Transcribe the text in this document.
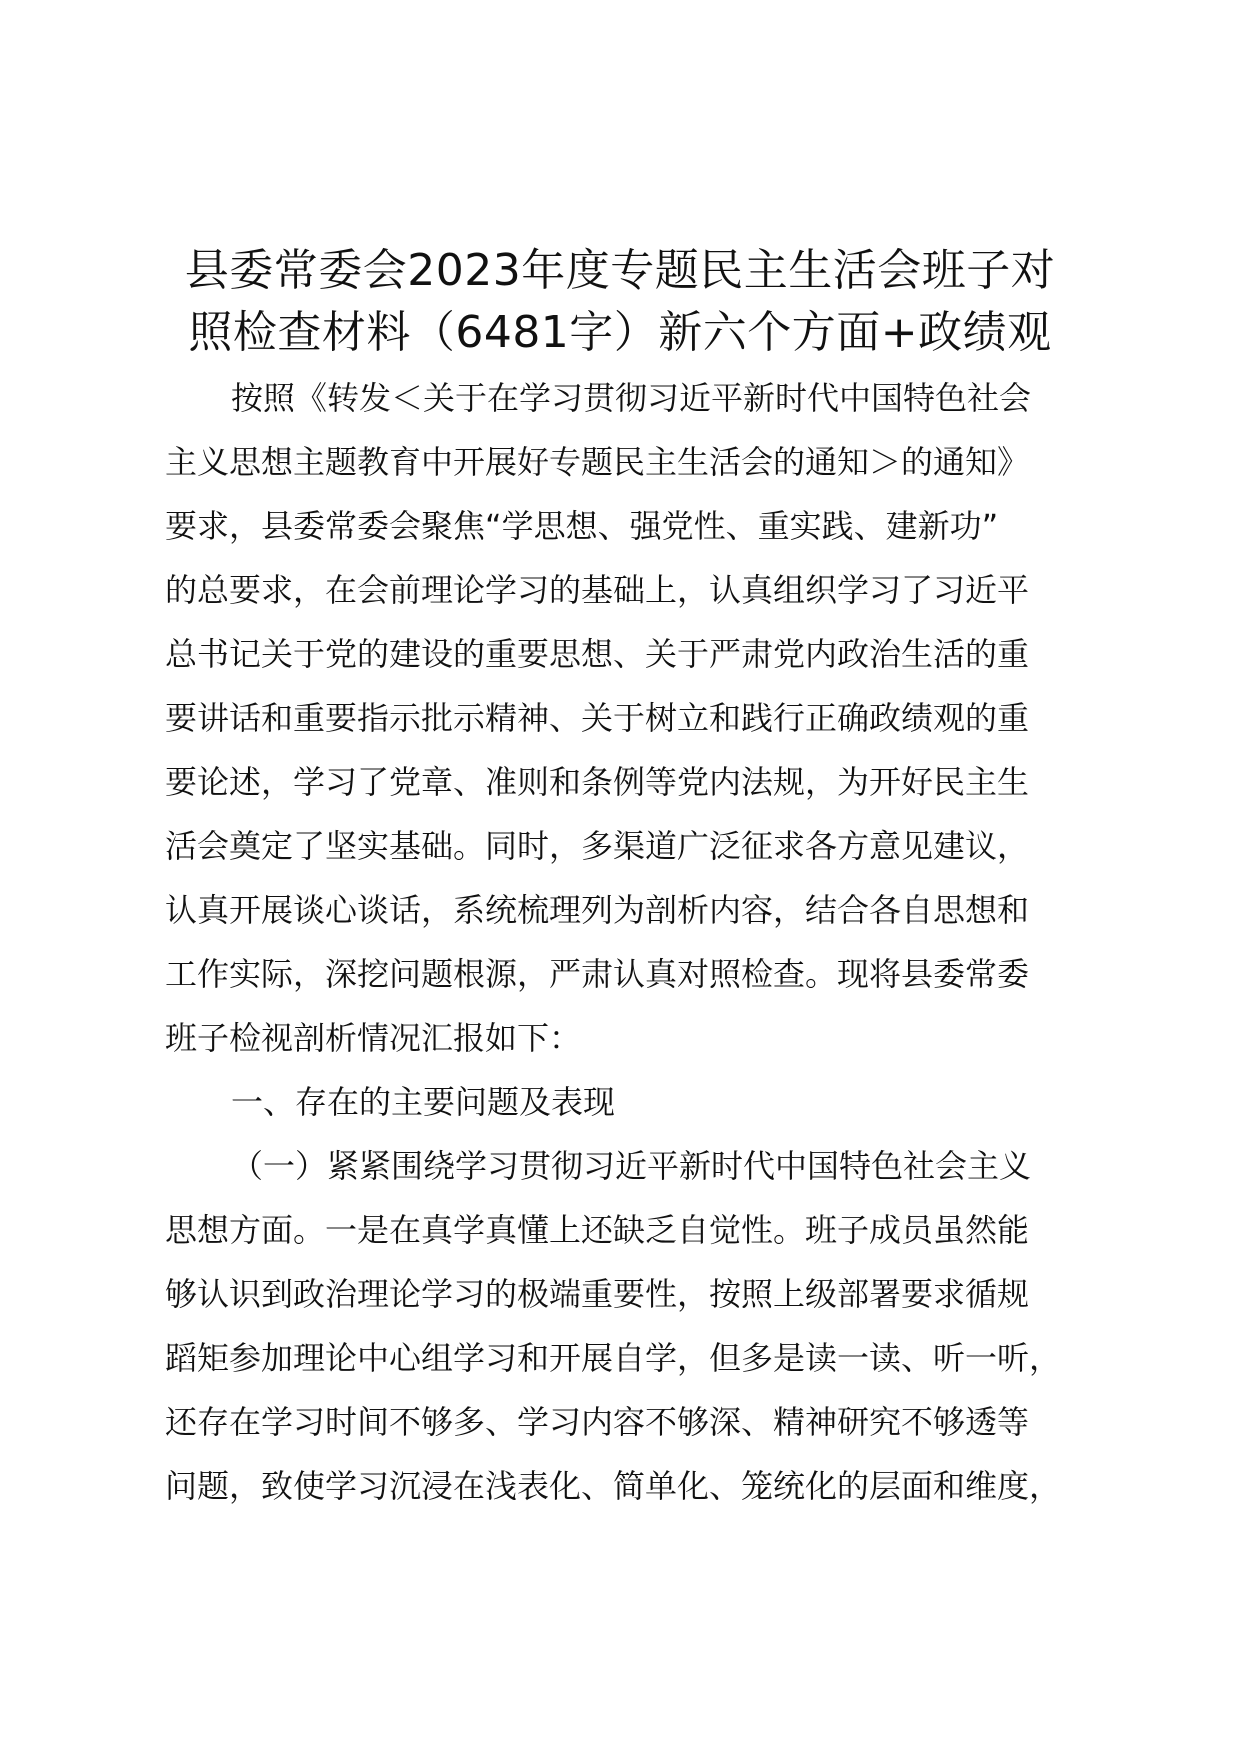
县委常委会2023年度专题民主生活会班子对
照检查材料（6481字）新六个方面+政绩观
按照《转发＜关于在学习贯彻习近平新时代中国特色社会
主义思想主题教育中开展好专题民主生活会的通知＞的通知》
要求，县委常委会聚焦“学思想、强党性、重实践、建新功”
的总要求，在会前理论学习的基础上，认真组织学习了习近平
总书记关于党的建设的重要思想、关于严肃党内政治生活的重
要讲话和重要指示批示精神、关于树立和践行正确政绩观的重
要论述，学习了党章、准则和条例等党内法规，为开好民主生
活会奠定了坚实基础。同时，多渠道广泛征求各方意见建议，
认真开展谈心谈话，系统梳理列为剖析内容，结合各自思想和
工作实际，深挖问题根源，严肃认真对照检查。现将县委常委
班子检视剖析情况汇报如下：
一、存在的主要问题及表现
（一）紧紧围绕学习贯彻习近平新时代中国特色社会主义
思想方面。一是在真学真懂上还缺乏自觉性。班子成员虽然能
够认识到政治理论学习的极端重要性，按照上级部署要求循规
蹈矩参加理论中心组学习和开展自学，但多是读一读、听一听，
还存在学习时间不够多、学习内容不够深、精神研究不够透等
问题，致使学习沉浸在浅表化、简单化、笼统化的层面和维度，
